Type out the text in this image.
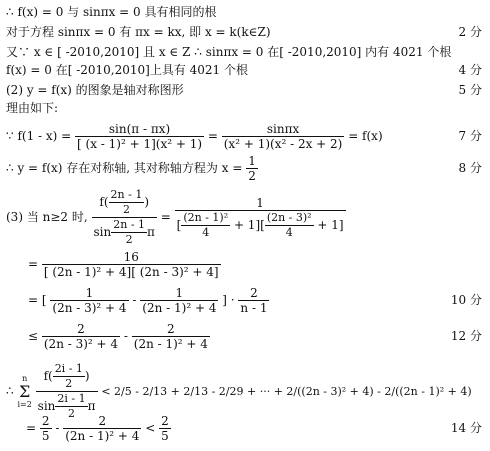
∴ f(x) = 0 与 sinπx = 0 具有相同的根
对于方程 sinπx = 0 有 πx = kx, 即 x = k(k∈Z)	2 分
又∵ x ∈ [ -2010,2010] 且 x ∈ Z ∴ sinπx = 0 在[ -2010,2010] 内有 4021 个根
f(x) = 0 在[ -2010,2010]上具有 4021 个根	4 分
(2) y = f(x) 的图象是轴对称图形	5 分
理由如下:
∵ $f(1 - x) = \frac{\sin(\pi - \pi x)}{\text{[ (x - 1)² + 1](x² + 1)}} = \frac{\sin\pi x}{\text{(x² + 1)(x² - 2x + 2)}} = f(x)$	7 分
∴ y = f(x) 存在对称轴, 其对称轴方程为 $x = \frac{1}{2}$	8 分
(3) 当 n≥2 时, $\frac{f( \frac{2n - 1}{2} )}{\sin \frac{2n - 1}{2} \pi} = \frac{1}{[ \frac{\text{(2n - 1)²}}{4} + 1][ \frac{\text{(2n - 3)²}}{4} + 1]}$
= $\frac{16}{\text{[ (2n - 1)² + 4][ (2n - 3)² + 4]}}$
= [ $\frac{1}{\text{(2n - 3)² + 4}} - \frac{1}{\text{(2n - 1)² + 4}}$ ] · $\frac{2}{n - 1}$	10 分
≤ $\frac{2}{\text{(2n - 3)² + 4}} - \frac{2}{\text{(2n - 1)² + 4}}$	12 分
∴
n
Σ
i=2
$\frac{f( \frac{2i - 1}{2} )}{\sin \frac{2i - 1}{2} \pi} < 2/5 - 2/13 + 2/13 - 2/29$ + ··· + 2/((2n - 3)² + 4) - 2/((2n - 1)² + 4)
= $\frac{2}{5} - \frac{2}{\text{(2n - 1)² + 4}} < \frac{2}{5}$	14 分
